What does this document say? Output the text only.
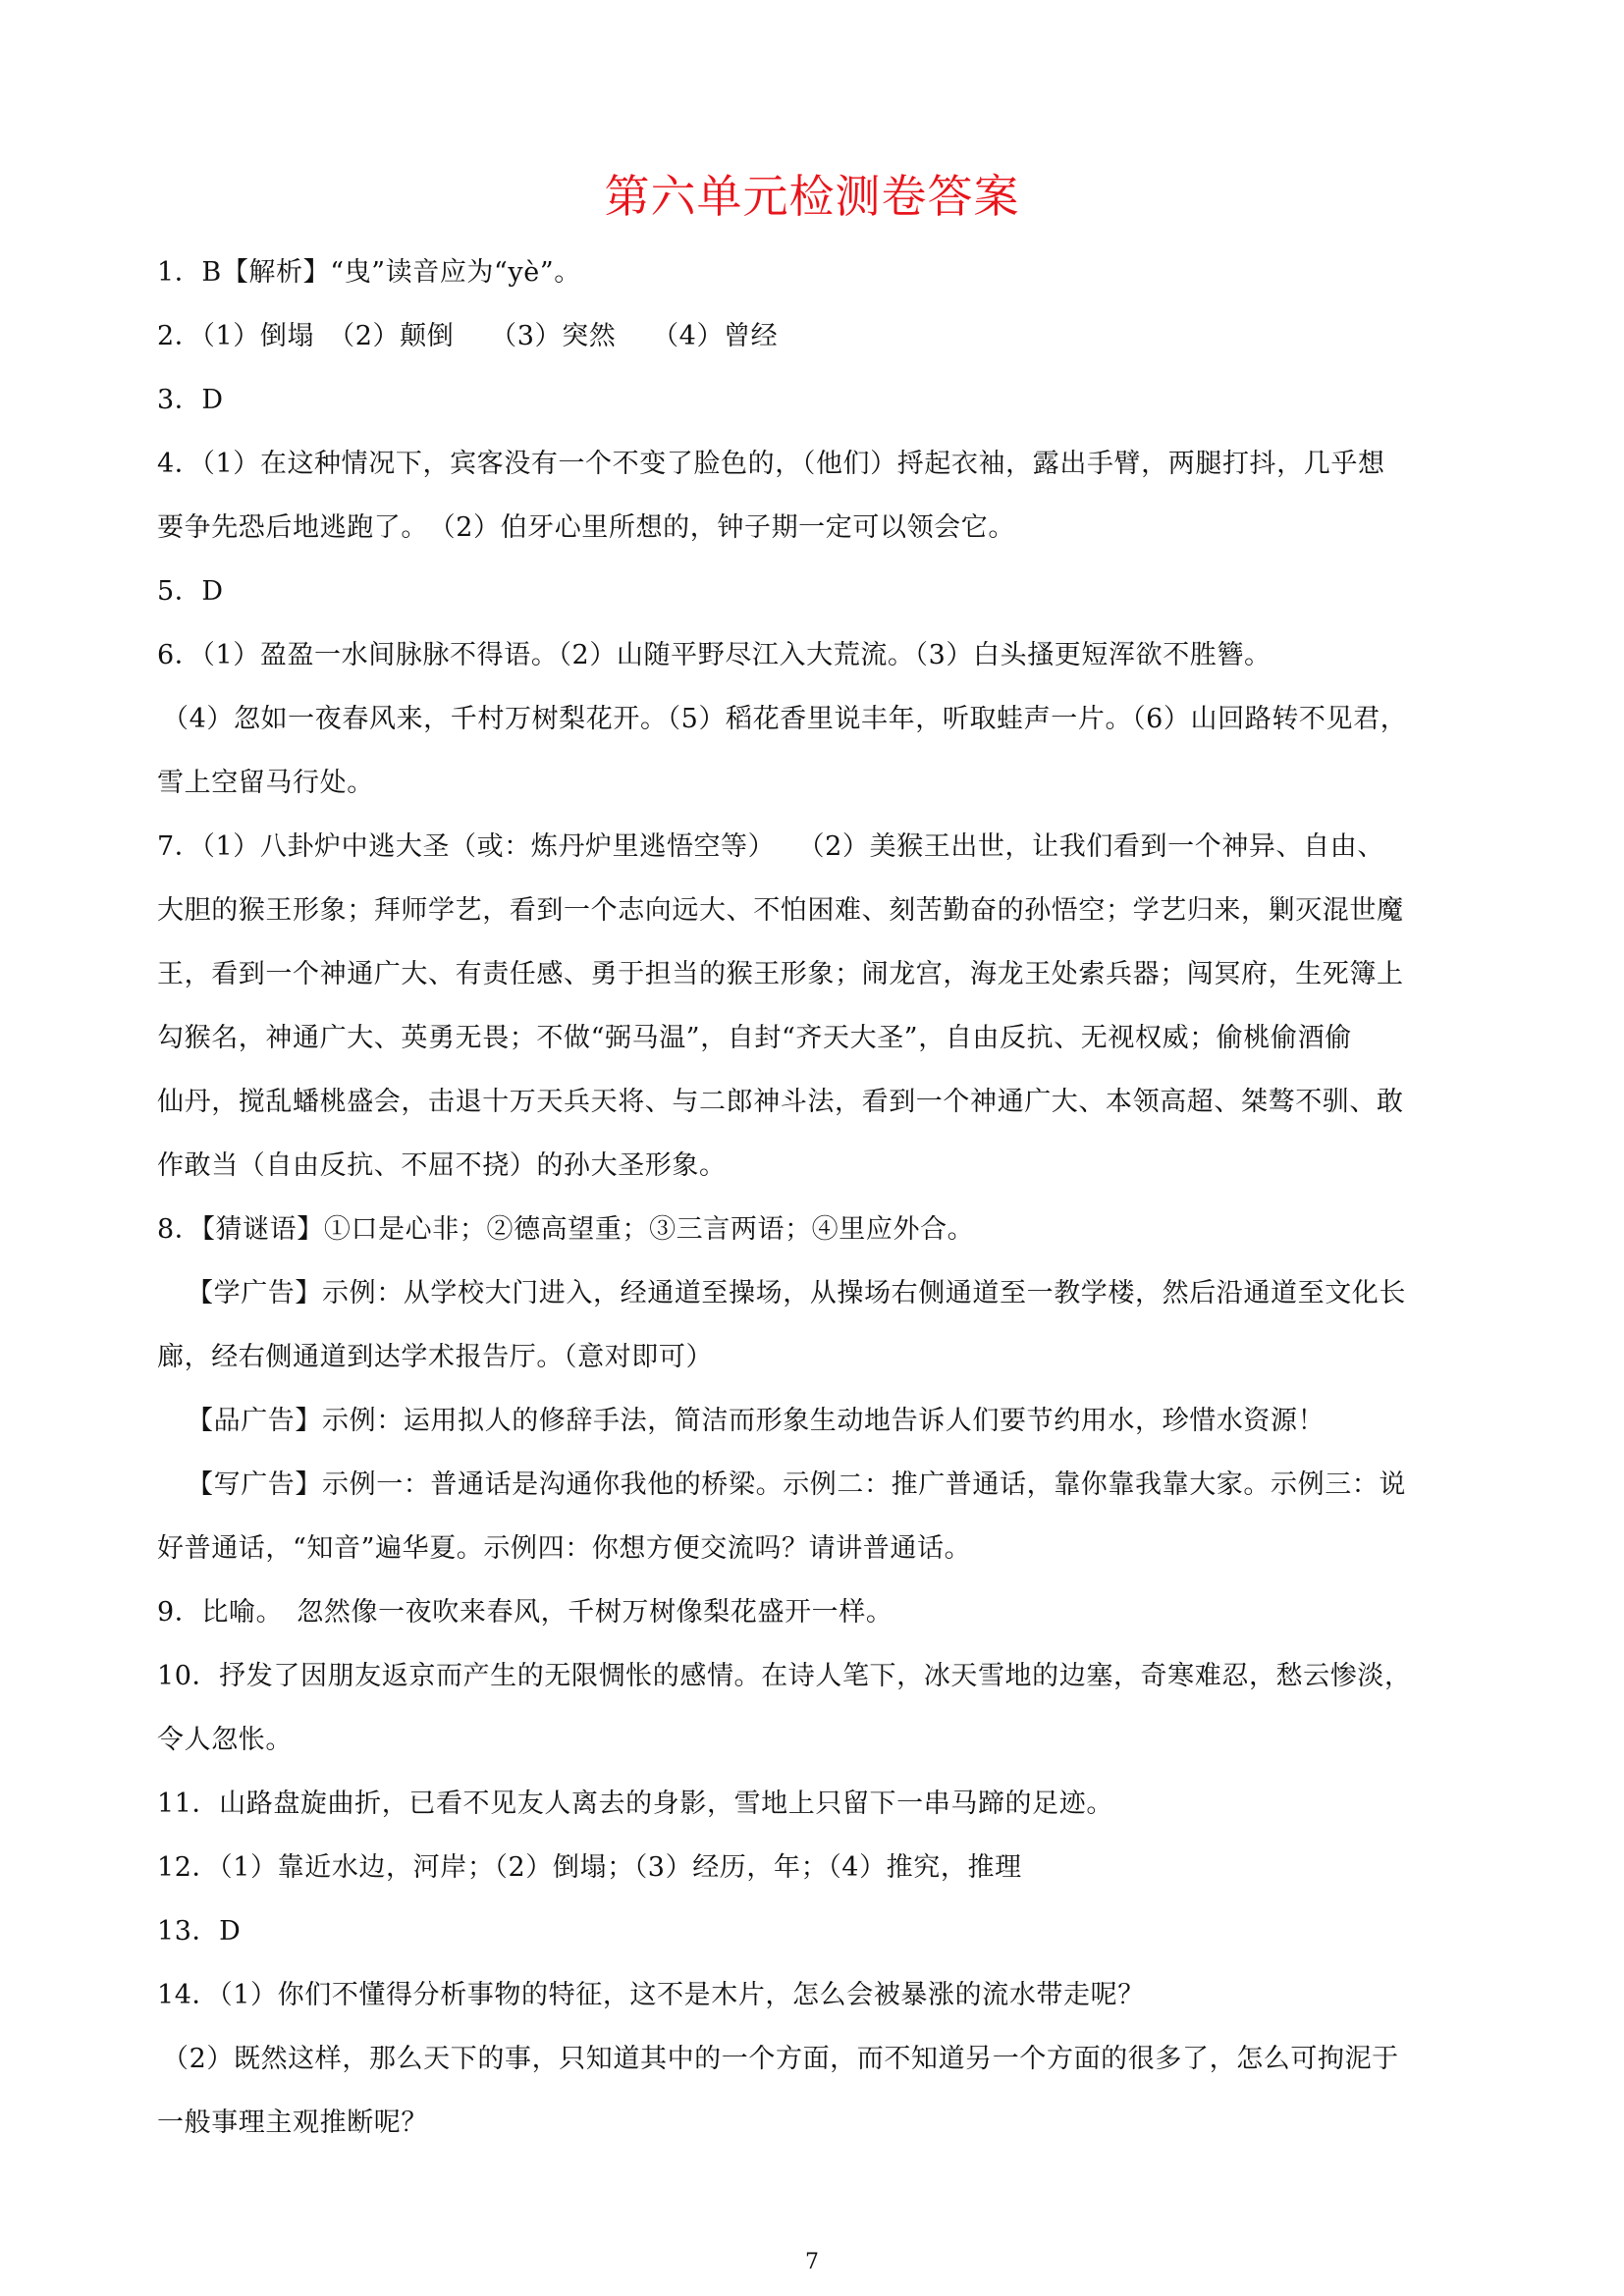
第六单元检测卷答案
1．B【解析】“曳”读音应为“yè”。
2．（1）倒塌　（2）颠倒　 （3）突然　 （4）曾经
3．D
4．（1）在这种情况下，宾客没有一个不变了脸色的，（他们）捋起衣袖，露出手臂，两腿打抖，几乎想
要争先恐后地逃跑了。　（2）伯牙心里所想的，钟子期一定可以领会它。
5．D
6．（1）盈盈一水间脉脉不得语。（2）山随平野尽江入大荒流。（3）白头搔更短浑欲不胜簪。
（4）忽如一夜春风来，千村万树梨花开。（5）稻花香里说丰年，听取蛙声一片。（6）山回路转不见君，
雪上空留马行处。
7．（1）八卦炉中逃大圣（或：炼丹炉里逃悟空等）　 （2）美猴王出世，让我们看到一个神异、自由、
大胆的猴王形象；拜师学艺，看到一个志向远大、不怕困难、刻苦勤奋的孙悟空；学艺归来，剿灭混世魔
王，看到一个神通广大、有责任感、勇于担当的猴王形象；闹龙宫，海龙王处索兵器；闯冥府，生死簿上
勾猴名，神通广大、英勇无畏；不做“弼马温”，自封“齐天大圣”，自由反抗、无视权威；偷桃偷酒偷
仙丹，搅乱蟠桃盛会，击退十万天兵天将、与二郎神斗法，看到一个神通广大、本领高超、桀骜不驯、敢
作敢当（自由反抗、不屈不挠）的孙大圣形象。
8．【猜谜语】①口是心非；②德高望重；③三言两语；④里应外合。
【学广告】示例：从学校大门进入，经通道至操场，从操场右侧通道至一教学楼，然后沿通道至文化长
廊，经右侧通道到达学术报告厅。（意对即可）
【品广告】示例：运用拟人的修辞手法，简洁而形象生动地告诉人们要节约用水，珍惜水资源！
【写广告】示例一：普通话是沟通你我他的桥梁。示例二：推广普通话，靠你靠我靠大家。示例三：说
好普通话，“知音”遍华夏。示例四：你想方便交流吗？请讲普通话。
9．比喻。　忽然像一夜吹来春风，千树万树像梨花盛开一样。
10．抒发了因朋友返京而产生的无限惆怅的感情。在诗人笔下，冰天雪地的边塞，奇寒难忍，愁云惨淡，
令人忽怅。
11．山路盘旋曲折，已看不见友人离去的身影，雪地上只留下一串马蹄的足迹。
12．（1）靠近水边，河岸；（2）倒塌；（3）经历，年；（4）推究，推理
13．D
14．（1）你们不懂得分析事物的特征，这不是木片，怎么会被暴涨的流水带走呢？
（2）既然这样，那么天下的事，只知道其中的一个方面，而不知道另一个方面的很多了，怎么可拘泥于
一般事理主观推断呢？
7
